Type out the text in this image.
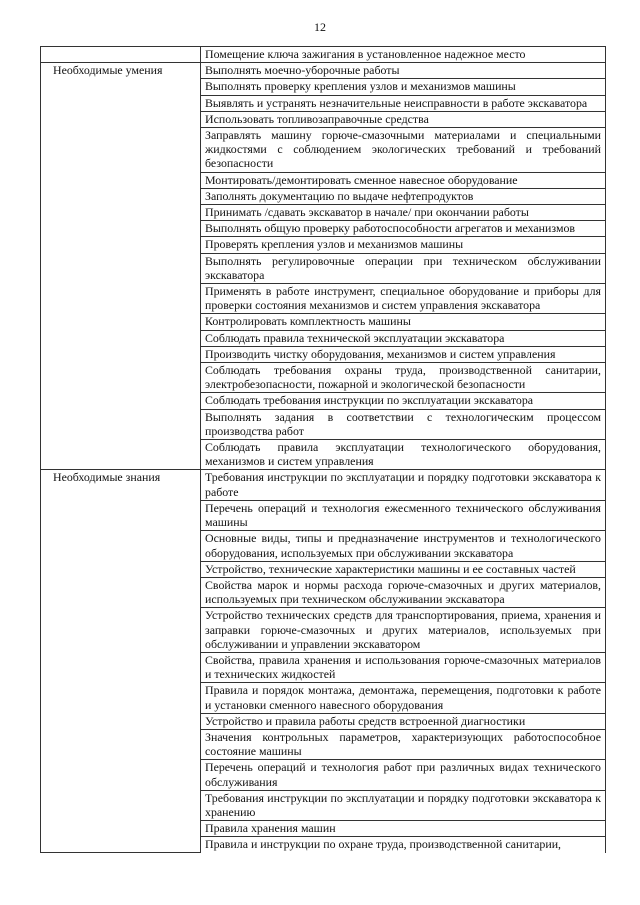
12
	Помещение ключа зажигания в установленное надежное место
Необходимые умения	Выполнять моечно-уборочные работы
	Выполнять проверку крепления узлов и механизмов машины
	Выявлять и устранять незначительные неисправности в работе экскаватора
	Использовать топливозаправочные средства
	Заправлять машину горюче-смазочными материалами и специальными жидкостями с соблюдением экологических требований и требований безопасности
	Монтировать/демонтировать сменное навесное оборудование
	Заполнять документацию по выдаче нефтепродуктов
	Принимать /сдавать экскаватор в начале/ при окончании работы
	Выполнять общую проверку работоспособности агрегатов и механизмов
	Проверять крепления узлов и механизмов машины
	Выполнять регулировочные операции при техническом обслуживании экскаватора
	Применять в работе инструмент, специальное оборудование и приборы для проверки состояния механизмов и систем управления экскаватора
	Контролировать комплектность машины
	Соблюдать правила технической эксплуатации экскаватора
	Производить чистку оборудования, механизмов и систем управления
	Соблюдать требования охраны труда, производственной санитарии, электробезопасности, пожарной и экологической безопасности
	Соблюдать требования инструкции по эксплуатации экскаватора
	Выполнять задания в соответствии с технологическим процессом производства работ
	Соблюдать правила эксплуатации технологического оборудования, механизмов и систем управления
Необходимые знания	Требования инструкции по эксплуатации и порядку подготовки экскаватора к работе
	Перечень операций и технология ежесменного технического обслуживания машины
	Основные виды, типы и предназначение инструментов и технологического оборудования, используемых при обслуживании экскаватора
	Устройство, технические характеристики машины и ее составных частей
	Свойства марок и нормы расхода горюче-смазочных и других материалов, используемых при техническом обслуживании экскаватора
	Устройство технических средств для транспортирования, приема, хранения и заправки горюче-смазочных и других материалов, используемых при обслуживании и управлении экскаватором
	Свойства, правила хранения и использования горюче-смазочных материалов и технических жидкостей
	Правила и порядок монтажа, демонтажа, перемещения, подготовки к работе и установки сменного навесного оборудования
	Устройство и правила работы средств встроенной диагностики
	Значения контрольных параметров, характеризующих работоспособное состояние машины
	Перечень операций и технология работ при различных видах технического обслуживания
	Требования инструкции по эксплуатации и порядку подготовки экскаватора к хранению
	Правила хранения машин
	Правила и инструкции по охране труда, производственной санитарии,
